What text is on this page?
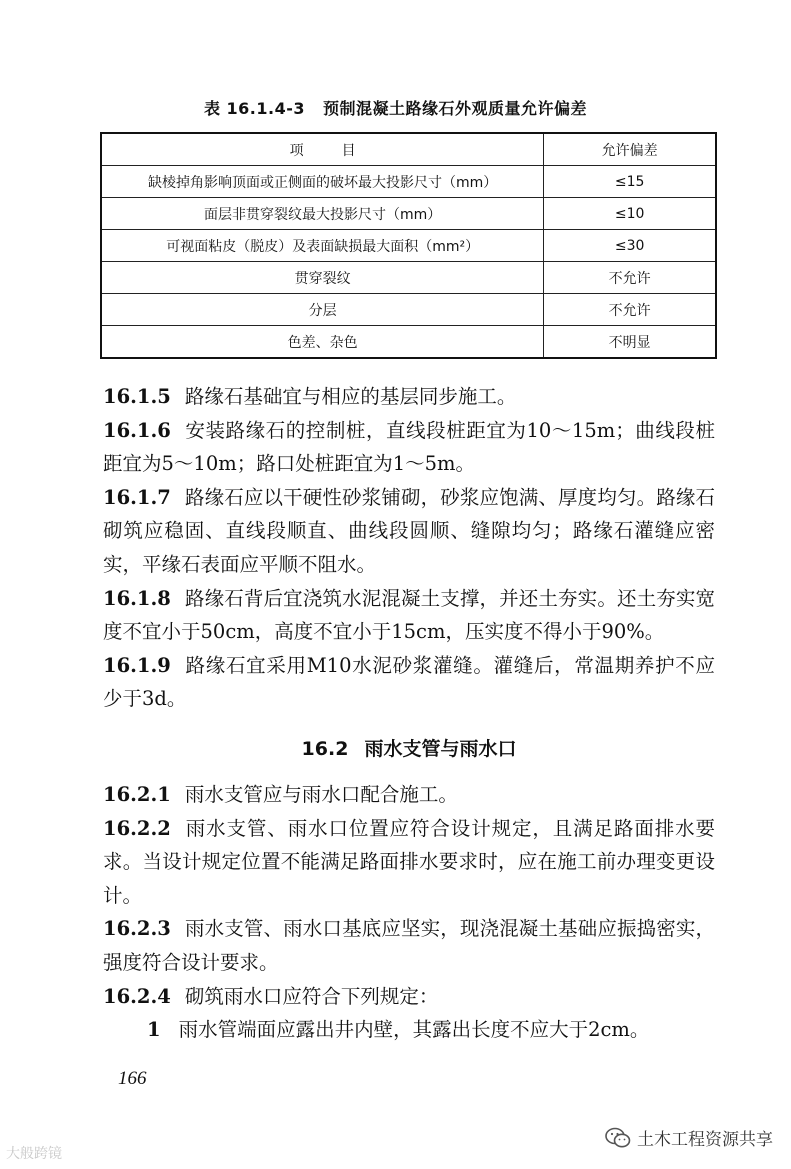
表 16.1.4-3 预制混凝土路缘石外观质量允许偏差
项目	允许偏差
缺棱掉角影响顶面或正侧面的破坏最大投影尺寸（mm）	≤15
面层非贯穿裂纹最大投影尺寸（mm）	≤10
可视面粘皮（脱皮）及表面缺损最大面积（mm²）	≤30
贯穿裂纹	不允许
分层	不允许
色差、杂色	不明显

16.1.5 路缘石基础宜与相应的基层同步施工。

16.1.6 安装路缘石的控制桩，直线段桩距宜为10～15m；曲线段桩距宜为5～10m；路口处桩距宜为1～5m。

16.1.7 路缘石应以干硬性砂浆铺砌，砂浆应饱满、厚度均匀。路缘石砌筑应稳固、直线段顺直、曲线段圆顺、缝隙均匀；路缘石灌缝应密实，平缘石表面应平顺不阻水。

16.1.8 路缘石背后宜浇筑水泥混凝土支撑，并还土夯实。还土夯实宽度不宜小于50cm，高度不宜小于15cm，压实度不得小于90%。

16.1.9 路缘石宜采用M10水泥砂浆灌缝。灌缝后，常温期养护不应少于3d。

16.2 雨水支管与雨水口

16.2.1 雨水支管应与雨水口配合施工。

16.2.2 雨水支管、雨水口位置应符合设计规定，且满足路面排水要求。当设计规定位置不能满足路面排水要求时，应在施工前办理变更设计。

16.2.3 雨水支管、雨水口基底应坚实，现浇混凝土基础应振捣密实，强度符合设计要求。

16.2.4 砌筑雨水口应符合下列规定：

1 雨水管端面应露出井内壁，其露出长度不应大于2cm。

166
大般跨镜
土木工程资源共享
